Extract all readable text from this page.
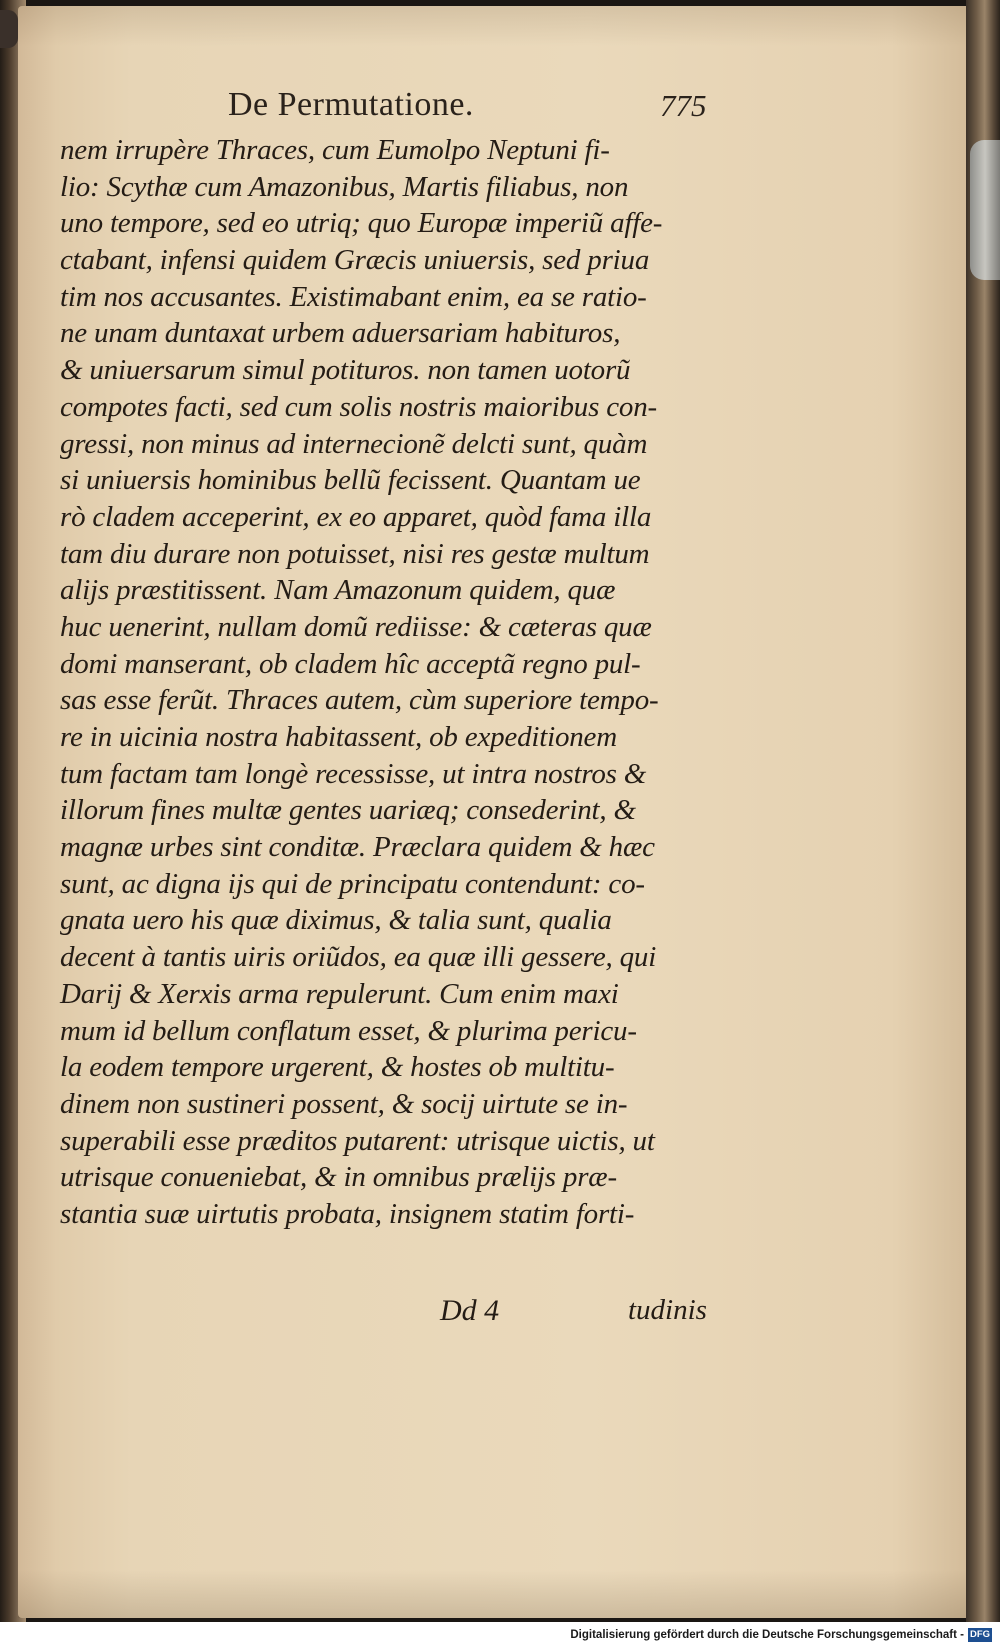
De Permutatione.	775
nem irrupère Thraces, cum Eumolpo Neptuni fi-
lio: Scythæ cum Amazonibus, Martis filiabus, non
uno tempore, sed eo utriq; quo Europæ imperiũ affe-
ctabant, infensi quidem Græcis uniuersis, sed priua
tim nos accusantes. Existimabant enim, ea se ratio-
ne unam duntaxat urbem aduersariam habituros,
& uniuersarum simul potituros. non tamen uotorũ
compotes facti, sed cum solis nostris maioribus con-
gressi, non minus ad internecionẽ delcti sunt, quàm
si uniuersis hominibus bellũ fecissent. Quantam ue
rò cladem acceperint, ex eo apparet, quòd fama illa
tam diu durare non potuisset, nisi res gestæ multum
alijs præstitissent. Nam Amazonum quidem, quæ
huc uenerint, nullam domũ rediisse: & cæteras quæ
domi manserant, ob cladem hîc acceptã regno pul-
sas esse ferũt. Thraces autem, cùm superiore tempo-
re in uicinia nostra habitassent, ob expeditionem
tum factam tam longè recessisse, ut intra nostros &
illorum fines multæ gentes uariæq; consederint, &
magnæ urbes sint conditæ. Præclara quidem & hæc
sunt, ac digna ijs qui de principatu contendunt: co-
gnata uero his quæ diximus, & talia sunt, qualia
decent à tantis uiris oriũdos, ea quæ illi gessere, qui
Darij & Xerxis arma repulerunt. Cum enim maxi
mum id bellum conflatum esset, & plurima pericu-
la eodem tempore urgerent, & hostes ob multitu-
dinem non sustineri possent, & socij uirtute se in-
superabili esse præditos putarent: utrisque uictis, ut
utrisque conueniebat, & in omnibus prælijs præ-
stantia suæ uirtutis probata, insignem statim forti-
Dd 4	tudinis
Digitalisierung gefördert durch die Deutsche Forschungsgemeinschaft - DFG
